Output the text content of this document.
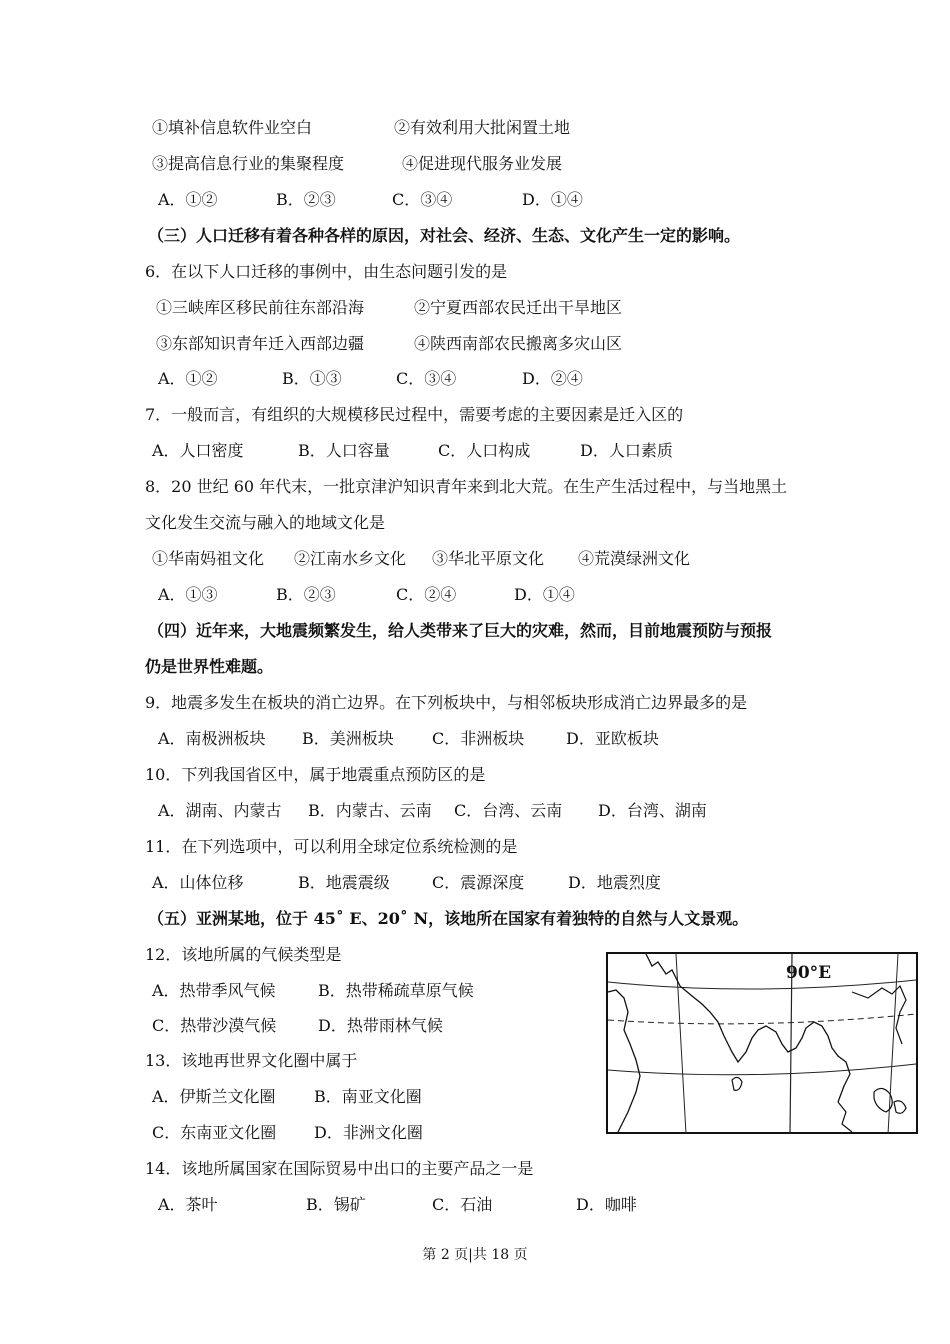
①填补信息软件业空白	②有效利用大批闲置土地
③提高信息行业的集聚程度	④促进现代服务业发展
A．①②	B．②③	C．③④	D．①④
（三）人口迁移有着各种各样的原因，对社会、经济、生态、文化产生一定的影响。
6．在以下人口迁移的事例中，由生态问题引发的是
①三峡库区移民前往东部沿海	②宁夏西部农民迁出干旱地区
③东部知识青年迁入西部边疆	④陕西南部农民搬离多灾山区
A．①②	B．①③	C．③④	D．②④
7．一般而言，有组织的大规模移民过程中，需要考虑的主要因素是迁入区的
A．人口密度	B．人口容量	C．人口构成	D．人口素质
8．20 世纪 60 年代末，一批京津沪知识青年来到北大荒。在生产生活过程中，与当地黑土
文化发生交流与融入的地域文化是
①华南妈祖文化 ②江南水乡文化 ③华北平原文化 ④荒漠绿洲文化
A．①③	B．②③	C．②④	D．①④
（四）近年来，大地震频繁发生，给人类带来了巨大的灾难，然而，目前地震预防与预报
仍是世界性难题。
9．地震多发生在板块的消亡边界。在下列板块中，与相邻板块形成消亡边界最多的是
A．南极洲板块 B．美洲板块 C．非洲板块	D．亚欧板块
10．下列我国省区中，属于地震重点预防区的是
A．湖南、内蒙古 B．内蒙古、云南 C．台湾、云南 D．台湾、湖南
11．在下列选项中，可以利用全球定位系统检测的是
A．山体位移	B．地震震级	C．震源深度	D．地震烈度
（五）亚洲某地，位于 45˚ E、20˚ N，该地所在国家有着独特的自然与人文景观。
12．该地所属的气候类型是
A．热带季风气候	B．热带稀疏草原气候
C．热带沙漠气候	D．热带雨林气候
13．该地再世界文化圈中属于
A．伊斯兰文化圈 B．南亚文化圈
C．东南亚文化圈 D．非洲文化圈
14．该地所属国家在国际贸易中出口的主要产品之一是
A．茶叶	B．锡矿	C．石油	D．咖啡
90°E
第 2 页|共 18 页
